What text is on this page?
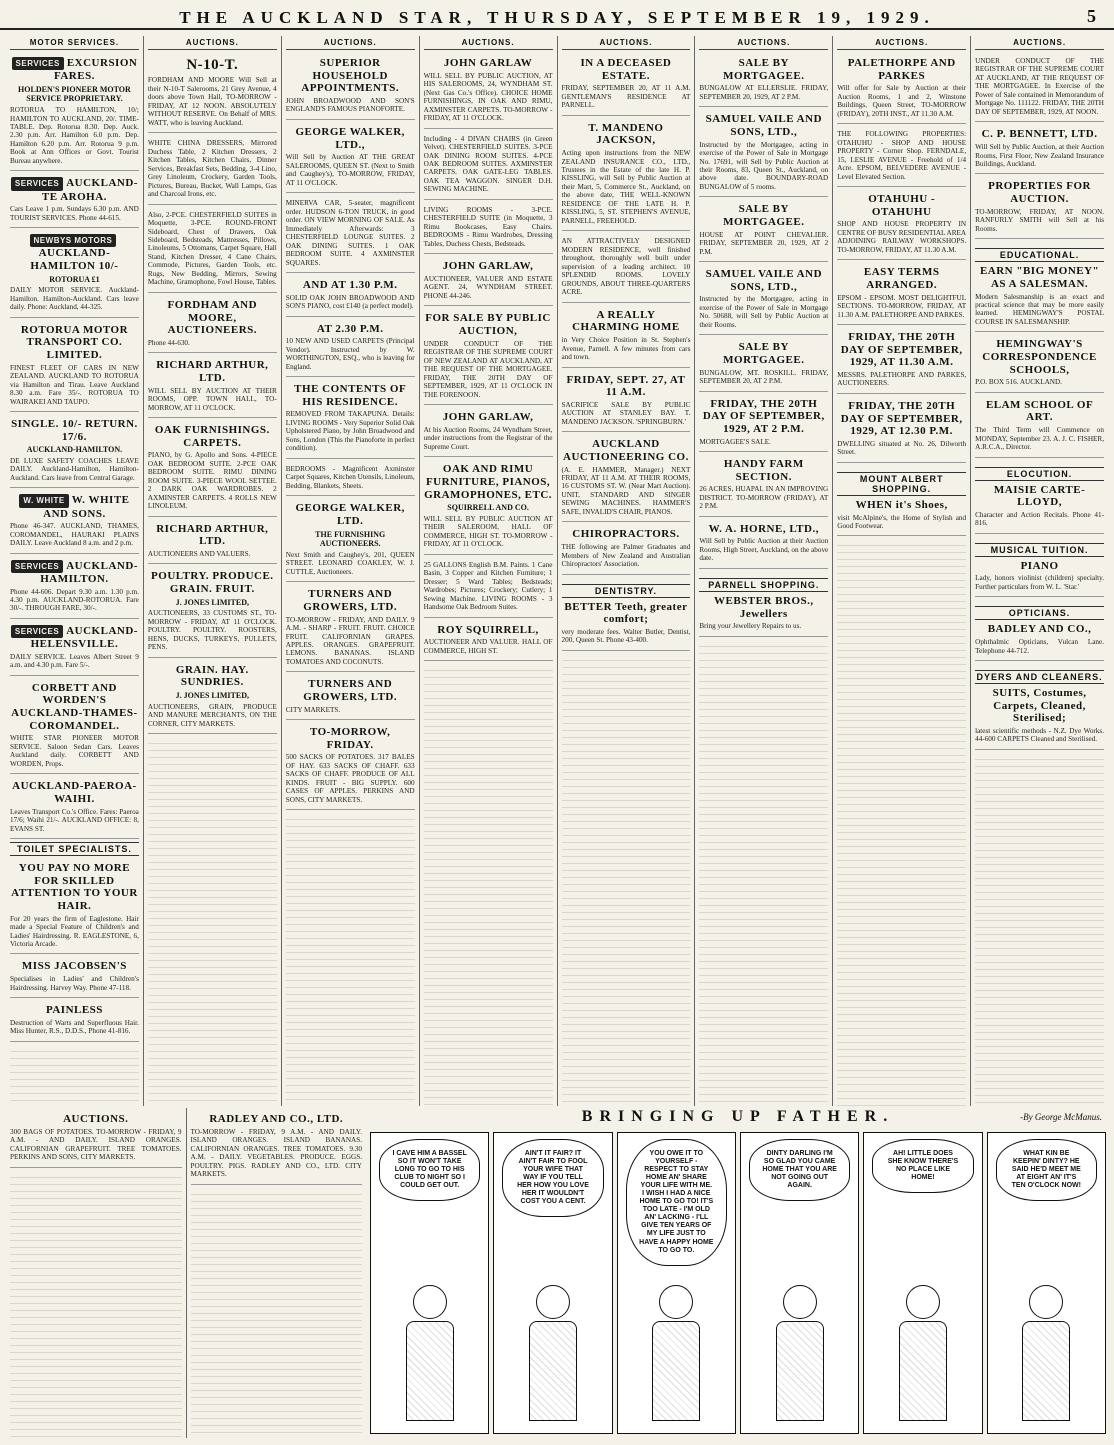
THE AUCKLAND STAR, THURSDAY, SEPTEMBER 19, 1929.	5
MOTOR SERVICES.
SERVICES EXCURSION FARES.
HOLDEN'S PIONEER MOTOR SERVICE PROPRIETARY.
ROTORUA TO HAMILTON, 10/; HAMILTON TO AUCKLAND, 20/. TIME-TABLE. Dep. Rotorua 8.30. Dep. Auck. 2.30 p.m. Arr. Hamilton 6.0 p.m. Dep. Hamilton 6.20 p.m. Arr. Rotorua 9 p.m. Book at Ann Offices or Govt. Tourist Bureau anywhere.
SERVICES AUCKLAND-TE AROHA.
Cars Leave 1 p.m. Sundays 6.30 p.m. AND TOURIST SERVICES. Phone 44-615.
NEWBYS MOTORSAUCKLAND-HAMILTON 10/-
ROTORUA £1
DAILY MOTOR SERVICE. Auckland-Hamilton. Hamilton-Auckland. Cars leave daily. Phone: Auckland, 44-325.
ROTORUA MOTOR TRANSPORT CO. LIMITED.
FINEST FLEET OF CARS IN NEW ZEALAND. AUCKLAND TO ROTORUA via Hamilton and Tirau. Leave Auckland 8.30 a.m. Fare 35/-. ROTORUA TO WAIRAKEI AND TAUPO.
SINGLE. 10/- RETURN. 17/6.
AUCKLAND-HAMILTON.
DE LUXE SAFETY COACHES LEAVE DAILY. Auckland-Hamilton, Hamilton-Auckland. Cars leave from Central Garage.
W. WHITE W. WHITE AND SONS.
Phone 46-347. AUCKLAND, THAMES, COROMANDEL, HAURAKI PLAINS DAILY. Leave Auckland 8 a.m. and 2 p.m.
SERVICES AUCKLAND-HAMILTON.
Phone 44-606. Depart 9.30 a.m. 1.30 p.m. 4.30 p.m. AUCKLAND-ROTORUA. Fare 30/-. THROUGH FARE, 30/-.
SERVICES AUCKLAND-HELENSVILLE.
DAILY SERVICE. Leaves Albert Street 9 a.m. and 4.30 p.m. Fare 5/-.
CORBETT AND WORDEN'S AUCKLAND-THAMES-COROMANDEL.
WHITE STAR PIONEER MOTOR SERVICE. Saloon Sedan Cars. Leaves Auckland daily. CORBETT AND WORDEN, Props.
AUCKLAND-PAEROA-WAIHI.
Leaves Transport Co.'s Office. Fares: Paeroa 17/6; Waihi 21/-. AUCKLAND OFFICE: 8, EVANS ST.
TOILET SPECIALISTS.
YOU PAY NO MORE FOR SKILLED ATTENTION TO YOUR HAIR.
For 20 years the firm of Eaglestone. Hair made a Special Feature of Children's and Ladies' Hairdressing. R. EAGLESTONE, 6, Victoria Arcade.
MISS JACOBSEN'S
Specialises in Ladies' and Children's Hairdressing. Harvey Way. Phone 47-118.
PAINLESS
Destruction of Warts and Superfluous Hair. Miss Hunter, R.S., D.D.S., Phone 41-816.
AUCTIONS.
N-10-T.
FORDHAM AND MOORE Will Sell at their N-10-T Salerooms, 21 Grey Avenue, 4 doors above Town Hall, TO-MORROW - FRIDAY, AT 12 NOON. ABSOLUTELY WITHOUT RESERVE. On Behalf of MRS. WATT, who is leaving Auckland.
WHITE CHINA DRESSERS, Mirrored Duchess Table, 2 Kitchen Dressers, 2 Kitchen Tables, Kitchen Chairs, Dinner Services, Breakfast Sets, Bedding, 3-4 Lino, Grey Linoleum, Crockery, Garden Tools, Pictures, Bureau, Bucket, Wall Lamps, Gas and Charcoal Irons, etc.
Also, 2-PCE. CHESTERFIELD SUITES in Moquette, 3-PCE. ROUND-FRONT Sideboard, Chest of Drawers, Oak Sideboard, Bedsteads, Mattresses, Pillows, Linoleums, 5 Ottomans, Carpet Square, Hall Stand, Kitchen Dresser, 4 Cane Chairs, Commode, Pictures, Garden Tools, etc. Rugs, New Bedding, Mirrors, Sewing Machine, Gramophone, Fowl House, Tables.
FORDHAM AND MOORE, AUCTIONEERS.
Phone 44-630.
RICHARD ARTHUR, LTD.
WILL SELL BY AUCTION AT THEIR ROOMS, OPP. TOWN HALL, TO-MORROW, AT 11 O'CLOCK.
OAK FURNISHINGS. CARPETS.
PIANO, by G. Apollo and Sons. 4-PIECE OAK BEDROOM SUITE. 2-PCE OAK BEDROOM SUITE. RIMU DINING ROOM SUITE. 3-PIECE WOOL SETTEE. 2 DARK OAK WARDROBES. 2 AXMINSTER CARPETS. 4 ROLLS NEW LINOLEUM.
RICHARD ARTHUR, LTD.
AUCTIONEERS AND VALUERS.
POULTRY. PRODUCE. GRAIN. FRUIT.
J. JONES LIMITED,
AUCTIONEERS, 33 CUSTOMS ST., TO-MORROW - FRIDAY, AT 11 O'CLOCK. POULTRY. POULTRY. ROOSTERS, HENS, DUCKS, TURKEYS, PULLETS, PENS.
GRAIN. HAY. SUNDRIES.
J. JONES LIMITED,
AUCTIONEERS, GRAIN, PRODUCE AND MANURE MERCHANTS, ON THE CORNER, CITY MARKETS.
AUCTIONS.
SUPERIOR HOUSEHOLD APPOINTMENTS.
JOHN BROADWOOD AND SON'S ENGLAND'S FAMOUS PIANOFORTE.
GEORGE WALKER, LTD.,
Will Sell by Auction AT THE GREAT SALEROOMS, QUEEN ST. (Next to Smith and Caughey's), TO-MORROW, FRIDAY, AT 11 O'CLOCK.
MINERVA CAR, 5-seater, magnificent order. HUDSON 6-TON TRUCK, in good order. ON VIEW MORNING OF SALE. As Immediately Afterwards: 3 CHESTERFIELD LOUNGE SUITES. 2 OAK DINING SUITES. 1 OAK BEDROOM SUITE. 4 AXMINSTER SQUARES.
AND AT 1.30 P.M.
SOLID OAK JOHN BROADWOOD AND SON'S PIANO, cost £140 (a perfect model).
AT 2.30 P.M.
10 NEW AND USED CARPETS (Principal Vendor). Instructed by W. WORTHINGTON, ESQ., who is leaving for England.
THE CONTENTS OF HIS RESIDENCE.
REMOVED FROM TAKAPUNA. Details: LIVING ROOMS - Very Superior Solid Oak Upholstered Piano, by John Broadwood and Sons, London (This the Pianoforte in perfect condition).
BEDROOMS - Magnificent Axminster Carpet Squares, Kitchen Utensils, Linoleum, Bedding, Blankets, Sheets.
GEORGE WALKER, LTD.
THE FURNISHING AUCTIONEERS.
Next Smith and Caughey's, 201, QUEEN STREET. LEONARD COAKLEY, W. J. CUTTLE, Auctioneers.
TURNERS AND GROWERS, LTD.
TO-MORROW - FRIDAY, AND DAILY. 9 A.M. - SHARP - FRUIT. FRUIT. CHOICE FRUIT. CALIFORNIAN GRAPES. APPLES. ORANGES. GRAPEFRUIT. LEMONS. BANANAS. ISLAND TOMATOES AND COCONUTS.
TURNERS AND GROWERS, LTD.
CITY MARKETS.
TO-MORROW, FRIDAY.
500 SACKS OF POTATOES. 317 BALES OF HAY. 633 SACKS OF CHAFF. 633 SACKS OF CHAFF. PRODUCE OF ALL KINDS. FRUIT - BIG SUPPLY. 600 CASES OF APPLES. PERKINS AND SONS, CITY MARKETS.
AUCTIONS.
JOHN GARLAW
WILL SELL BY PUBLIC AUCTION, AT HIS SALEROOMS, 24, WYNDHAM ST. (Next Gas Co.'s Office). CHOICE HOME FURNISHINGS, IN OAK AND RIMU, AXMINSTER CARPETS. TO-MORROW - FRIDAY, AT 11 O'CLOCK.
Including - 4 DIVAN CHAIRS (in Green Velvet). CHESTERFIELD SUITES. 3-PCE OAK DINING ROOM SUITES. 4-PCE OAK BEDROOM SUITES. AXMINSTER CARPETS. OAK GATE-LEG TABLES. OAK TEA WAGGON. SINGER D.H. SEWING MACHINE.
LIVING ROOMS - 3-PCE. CHESTERFIELD SUITE (in Moquette, 3 Rimu Bookcases, Easy Chairs. BEDROOMS - Rimu Wardrobes, Dressing Tables, Duchess Chests, Bedsteads.
JOHN GARLAW,
AUCTIONEER, VALUER AND ESTATE AGENT. 24, WYNDHAM STREET. PHONE 44-246.
FOR SALE BY PUBLIC AUCTION,
UNDER CONDUCT OF THE REGISTRAR OF THE SUPREME COURT OF NEW ZEALAND AT AUCKLAND, AT THE REQUEST OF THE MORTGAGEE. FRIDAY, THE 20TH DAY OF SEPTEMBER, 1929, AT 11 O'CLOCK IN THE FORENOON.
JOHN GARLAW,
At his Auction Rooms, 24 Wyndham Street, under instructions from the Registrar of the Supreme Court.
OAK AND RIMU FURNITURE, PIANOS, GRAMOPHONES, ETC.
SQUIRRELL AND CO.
WILL SELL BY PUBLIC AUCTION AT THEIR SALEROOM, HALL OF COMMERCE, HIGH ST. TO-MORROW - FRIDAY, AT 11 O'CLOCK.
25 GALLONS English B.M. Paints. 1 Cane Basin, 3 Copper and Kitchen Furniture; 1 Dresser; 5 Ward Tables; Bedsteads; Wardrobes; Pictures; Crockery; Cutlery; 1 Sewing Machine. LIVING ROOMS - 3 Handsome Oak Bedroom Suites.
ROY SQUIRRELL,
AUCTIONEER AND VALUER. HALL OF COMMERCE, HIGH ST.
AUCTIONS.
IN A DECEASED ESTATE.
FRIDAY, SEPTEMBER 20, AT 11 A.M. GENTLEMAN'S RESIDENCE AT PARNELL.
T. MANDENO JACKSON,
Acting upon instructions from the NEW ZEALAND INSURANCE CO., LTD., Trustees in the Estate of the late H. P. KISSLING, will Sell by Public Auction at their Mart, 5, Commerce St., Auckland, on the above date, THE WELL-KNOWN RESIDENCE OF THE LATE H. P. KISSLING, 5, ST. STEPHEN'S AVENUE, PARNELL, FREEHOLD.
AN ATTRACTIVELY DESIGNED MODERN RESIDENCE, well finished throughout, thoroughly well built under supervision of a leading architect. 10 SPLENDID ROOMS. LOVELY GROUNDS, ABOUT THREE-QUARTERS ACRE.
A REALLY CHARMING HOME
in Very Choice Position in St. Stephen's Avenue, Parnell. A few minutes from cars and town.
FRIDAY, SEPT. 27, AT 11 A.M.
SACRIFICE SALE BY PUBLIC AUCTION AT STANLEY BAY. T. MANDENO JACKSON. 'SPRINGBURN.'
AUCKLAND AUCTIONEERING CO.
(A. E. HAMMER, Manager.) NEXT FRIDAY, AT 11 A.M. AT THEIR ROOMS, 16 CUSTOMS ST. W. (Near Mart Auction). UNIT, STANDARD AND SINGER SEWING MACHINES. HAMMER'S SAFE, INVALID'S CHAIR, PIANOS.
CHIROPRACTORS.
THE following are Palmer Graduates and Members of New Zealand and Australian Chiropractors' Association.
DENTISTRY.
BETTER Teeth, greater comfort;
very moderate fees. Walter Butler, Dentist, 200, Queen St. Phone 43-400.
AUCTIONS.
SALE BY MORTGAGEE.
BUNGALOW AT ELLERSLIE. FRIDAY, SEPTEMBER 20, 1929, AT 2 P.M.
SAMUEL VAILE AND SONS, LTD.,
Instructed by the Mortgagee, acting in exercise of the Power of Sale in Mortgage No. 17691, will Sell by Public Auction at their Rooms, 83, Queen St., Auckland, on above date. BOUNDARY-ROAD BUNGALOW of 5 rooms.
SALE BY MORTGAGEE.
HOUSE AT POINT CHEVALIER. FRIDAY, SEPTEMBER 20, 1929, AT 2 P.M.
SAMUEL VAILE AND SONS, LTD.,
Instructed by the Mortgagee, acting in exercise of the Power of Sale in Mortgage No. 50688, will Sell by Public Auction at their Rooms.
SALE BY MORTGAGEE.
BUNGALOW, MT. ROSKILL. FRIDAY, SEPTEMBER 20, AT 2 P.M.
FRIDAY, THE 20TH DAY OF SEPTEMBER, 1929, AT 2 P.M.
MORTGAGEE'S SALE.
HANDY FARM SECTION.
26 ACRES, HUAPAI. IN AN IMPROVING DISTRICT. TO-MORROW (FRIDAY), AT 2 P.M.
W. A. HORNE, LTD.,
Will Sell by Public Auction at their Auction Rooms, High Street, Auckland, on the above date.
PARNELL SHOPPING.
WEBSTER BROS., Jewellers
Bring your Jewellery Repairs to us.
AUCTIONS.
PALETHORPE AND PARKES
Will offer for Sale by Auction at their Auction Rooms, 1 and 2, Winstone Buildings, Queen Street, TO-MORROW (FRIDAY), 20TH INST., AT 11.30 A.M.
THE FOLLOWING PROPERTIES: OTAHUHU - SHOP AND HOUSE PROPERTY - Corner Shop. FERNDALE, 15, LESLIE AVENUE - Freehold of 1/4 Acre. EPSOM, BELVEDERE AVENUE - Level Elevated Section.
OTAHUHU - OTAHUHU
SHOP AND HOUSE PROPERTY IN CENTRE OF BUSY RESIDENTIAL AREA ADJOINING RAILWAY WORKSHOPS. TO-MORROW, FRIDAY, AT 11.30 A.M.
EASY TERMS ARRANGED.
EPSOM - EPSOM. MOST DELIGHTFUL SECTIONS. TO-MORROW, FRIDAY, AT 11.30 A.M. PALETHORPE AND PARKES.
FRIDAY, THE 20TH DAY OF SEPTEMBER, 1929, AT 11.30 A.M.
MESSRS. PALETHORPE AND PARKES, AUCTIONEERS.
FRIDAY, THE 20TH DAY OF SEPTEMBER, 1929, AT 12.30 P.M.
DWELLING situated at No. 26, Dilworth Street.
MOUNT ALBERT SHOPPING.
WHEN it's Shoes,
visit McAlpine's, the Home of Stylish and Good Footwear.
AUCTIONS.
UNDER CONDUCT OF THE REGISTRAR OF THE SUPREME COURT AT AUCKLAND, AT THE REQUEST OF THE MORTGAGEE. In Exercise of the Power of Sale contained in Memorandum of Mortgage No. 111122. FRIDAY, THE 20TH DAY OF SEPTEMBER, 1929, AT NOON.
C. P. BENNETT, LTD.
Will Sell by Public Auction, at their Auction Rooms, First Floor, New Zealand Insurance Buildings, Auckland.
PROPERTIES FOR AUCTION.
TO-MORROW, FRIDAY, AT NOON. RANFURLY SMITH will Sell at his Rooms.
EDUCATIONAL.
EARN "BIG MONEY" AS A SALESMAN.
Modern Salesmanship is an exact and practical science that may be more easily learned. HEMINGWAY'S POSTAL COURSE IN SALESMANSHIP.
HEMINGWAY'S CORRESPONDENCE SCHOOLS,
P.O. BOX 516. AUCKLAND.
ELAM SCHOOL OF ART.
The Third Term will Commence on MONDAY, September 23. A. J. C. FISHER, A.R.C.A., Director.
ELOCUTION.
MAISIE CARTE-LLOYD,
Character and Action Recitals. Phone 41-816.
MUSICAL TUITION.
PIANO
Lady, honors violinist (children) specialty. Further particulars from W. L. 'Star.'
OPTICIANS.
BADLEY AND CO.,
Ophthalmic Opticians, Vulcan Lane. Telephone 44-712.
DYERS AND CLEANERS.
SUITS, Costumes, Carpets, Cleaned, Sterilised;
latest scientific methods - N.Z. Dye Works. 44-600 CARPETS Cleaned and Sterilised.
AUCTIONS.
300 BAGS OF POTATOES. TO-MORROW - FRIDAY, 9 A.M. - AND DAILY. ISLAND ORANGES. CALIFORNIAN GRAPEFRUIT. TREE TOMATOES. PERKINS AND SONS, CITY MARKETS.
RADLEY AND CO., LTD.
TO-MORROW - FRIDAY, 9 A.M. - AND DAILY. ISLAND ORANGES. ISLAND BANANAS. CALIFORNIAN ORANGES. TREE TOMATOES. 9.30 A.M. - DAILY. VEGETABLES. PRODUCE. EGGS. POULTRY. PIGS. RADLEY AND CO., LTD. CITY MARKETS.
BRINGING UP FATHER.	-By George McManus.
I CAVE HIM A BASSEL SO IT WON'T TAKE LONG TO GO TO HIS CLUB TO NIGHT SO I COULD GET OUT.
AIN'T IT FAIR? IT AIN'T FAIR TO FOOL YOUR WIFE THAT WAY IF YOU TELL HER HOW YOU LOVE HER IT WOULDN'T COST YOU A CENT.
YOU OWE IT TO YOURSELF - RESPECT TO STAY HOME AN' SHARE YOUR LIFE WITH ME. I WISH I HAD A NICE HOME TO GO TO! IT'S TOO LATE - I'M OLD AN' LACKING - I'LL GIVE TEN YEARS OF MY LIFE JUST TO HAVE A HAPPY HOME TO GO TO.
DINTY DARLING I'M SO GLAD YOU CAME HOME THAT YOU ARE NOT GOING OUT AGAIN.
AH! LITTLE DOES SHE KNOW THERE'S NO PLACE LIKE HOME!
WHAT KIN BE KEEPIN' DINTY? HE SAID HE'D MEET ME AT EIGHT AN' IT'S TEN O'CLOCK NOW!
